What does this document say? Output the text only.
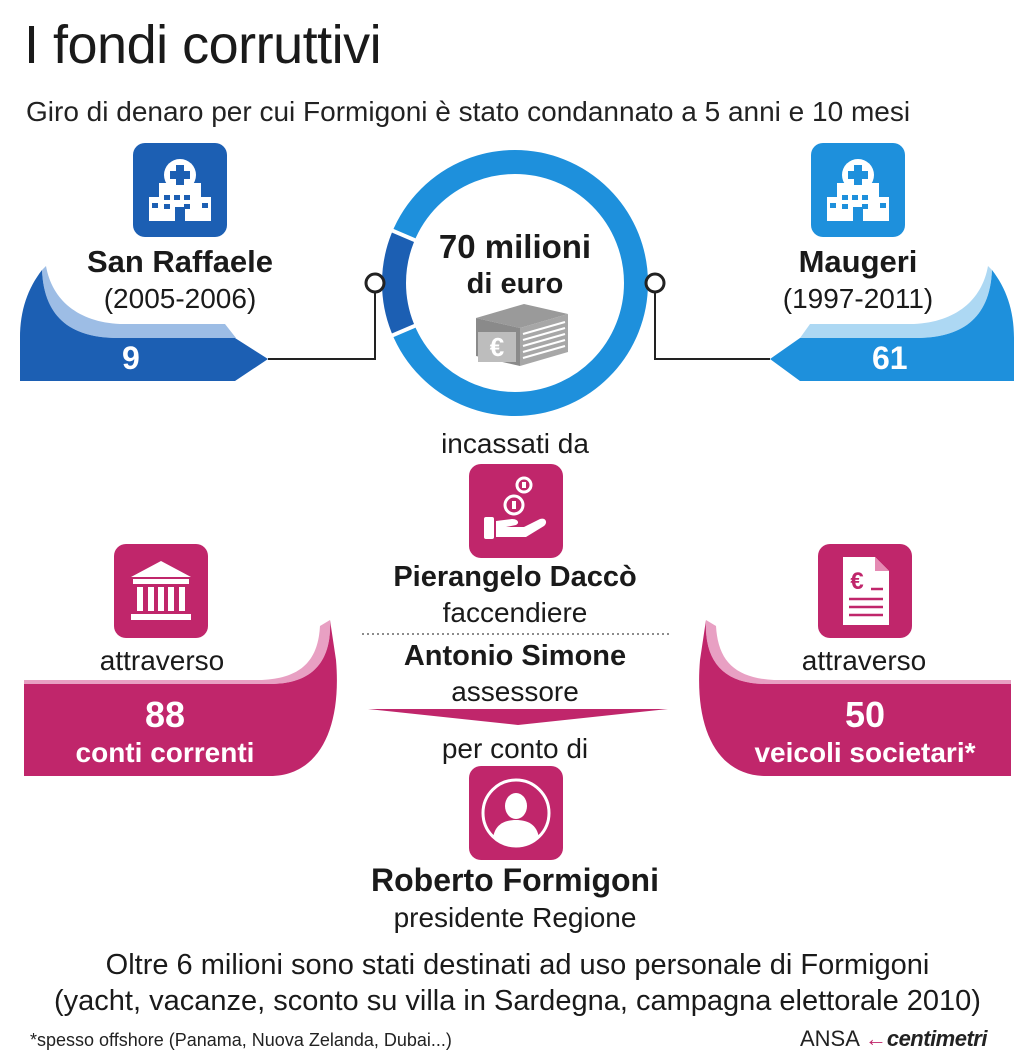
I fondi corruttivi
Giro di denaro per cui Formigoni è stato condannato a 5 anni e 10 mesi
€
San Raffaele
(2005-2006)
9
Maugeri
(1997-2011)
61
70 milioni
di euro
incassati da
Pierangelo Daccò
faccendiere
Antonio Simone
assessore
€
attraverso
88
conti correnti
attraverso
50
veicoli societari*
per conto di
Roberto Formigoni
presidente Regione
Oltre 6 milioni sono stati destinati ad uso personale di Formigoni
(yacht, vacanze, sconto su villa in Sardegna, campagna elettorale 2010)
*spesso offshore (Panama, Nuova Zelanda, Dubai...)	ANSA ←centimetri
